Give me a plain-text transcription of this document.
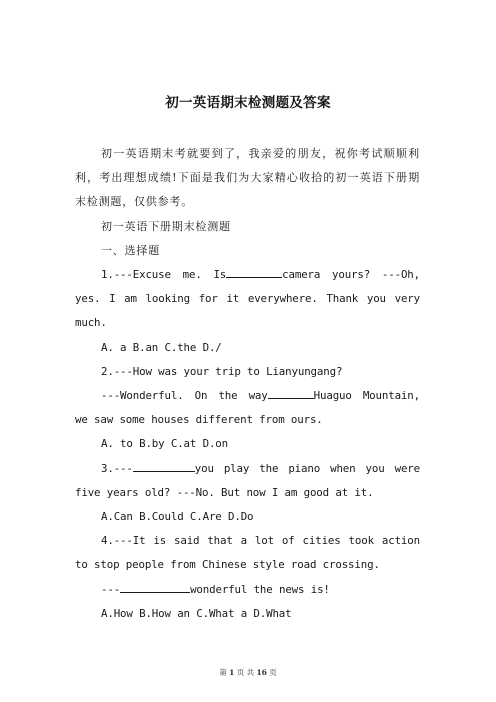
初一英语期末检测题及答案

初一英语期末考就要到了，我亲爱的朋友，祝你考试顺顺利利，考出理想成绩!下面是我们为大家精心收拾的初一英语下册期末检测题，仅供参考。

初一英语下册期末检测题

一、选择题

1.---Excuse me. Is	camera yours? ---Oh, yes. I am looking for it everywhere. Thank you very much.

A. a B.an C.the D./

2.---How was your trip to Lianyungang?

---Wonderful. On the way	Huaguo Mountain, we saw some houses different from ours.

A. to B.by C.at D.on

3.---	you play the piano when you were five years old? ---No. But now I am good at it.

A.Can B.Could C.Are D.Do

4.---It is said that a lot of cities took action to stop people from Chinese style road crossing.

---	wonderful the news is!

A.How B.How an C.What a D.What

第 1 页 共 16 页
